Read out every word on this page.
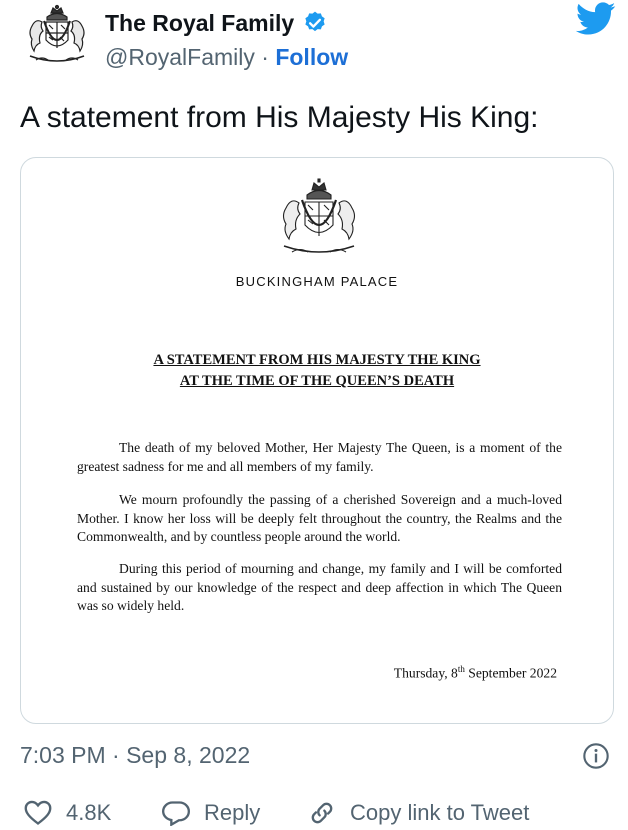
The Royal Family
@RoyalFamily · Follow
A statement from His Majesty His King:
BUCKINGHAM PALACE
A STATEMENT FROM HIS MAJESTY THE KING
AT THE TIME OF THE QUEEN’S DEATH
The death of my beloved Mother, Her Majesty The Queen, is a moment of the greatest sadness for me and all members of my family.
We mourn profoundly the passing of a cherished Sovereign and a much-loved Mother. I know her loss will be deeply felt throughout the country, the Realms and the Commonwealth, and by countless people around the world.
During this period of mourning and change, my family and I will be comforted and sustained by our knowledge of the respect and deep affection in which The Queen was so widely held.
Thursday, 8th September 2022
7:03 PM · Sep 8, 2022
4.8K	Reply	Copy link to Tweet
